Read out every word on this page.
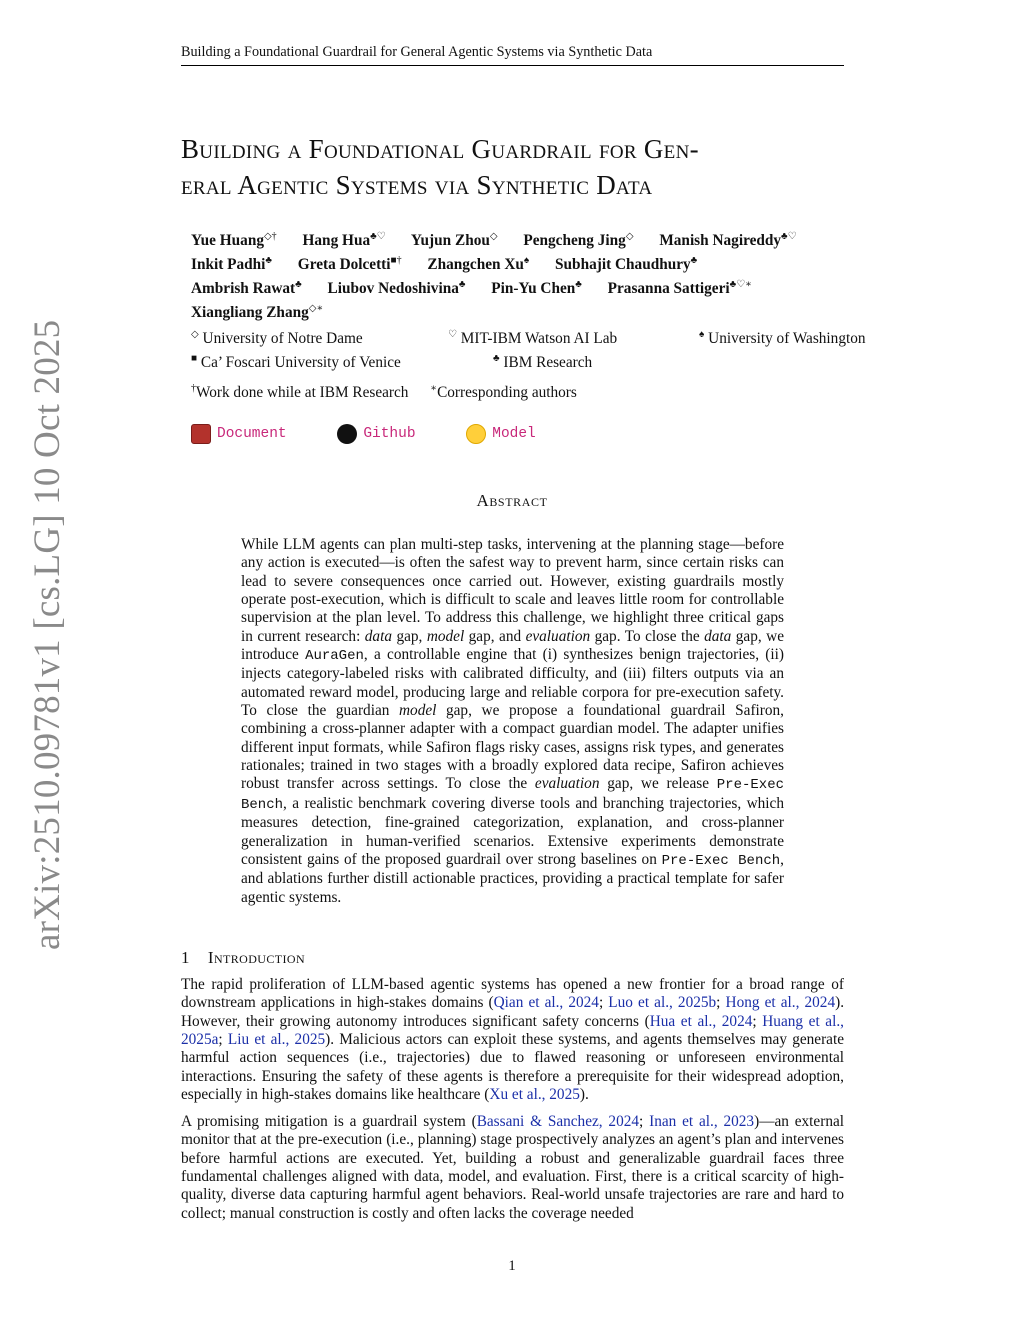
Building a Foundational Guardrail for General Agentic Systems via Synthetic Data
arXiv:2510.09781v1 [cs.LG] 10 Oct 2025
Building a Foundational Guardrail for Gen-
eral Agentic Systems via Synthetic Data
Yue Huang◇† Hang Hua♣♡ Yujun Zhou◇ Pengcheng Jing◇ Manish Nagireddy♣♡
Inkit Padhi♣ Greta Dolcetti■† Zhangchen Xu♠ Subhajit Chaudhury♣
Ambrish Rawat♣ Liubov Nedoshivina♣ Pin-Yu Chen♣ Prasanna Sattigeri♣♡∗
Xiangliang Zhang◇∗
◇ University of Notre Dame	♡ MIT-IBM Watson AI Lab	♠ University of Washington
■ Ca’ Foscari University of Venice	♣ IBM Research
†Work done while at IBM Research ∗Corresponding authors
Document
	Github
	Model
Abstract
While LLM agents can plan multi-step tasks, intervening at the planning stage—before any action is executed—is often the safest way to prevent harm, since certain risks can lead to severe consequences once carried out. However, existing guardrails mostly operate post-execution, which is difficult to scale and leaves little room for controllable supervision at the plan level. To address this challenge, we highlight three critical gaps in current research: data gap, model gap, and evaluation gap. To close the data gap, we introduce AuraGen, a controllable engine that (i) synthesizes benign trajectories, (ii) injects category-labeled risks with calibrated difficulty, and (iii) filters outputs via an automated reward model, producing large and reliable corpora for pre-execution safety. To close the guardian model gap, we propose a foundational guardrail Safiron, combining a cross-planner adapter with a compact guardian model. The adapter unifies different input formats, while Safiron flags risky cases, assigns risk types, and generates rationales; trained in two stages with a broadly explored data recipe, Safiron achieves robust transfer across settings. To close the evaluation gap, we release Pre-Exec Bench, a realistic benchmark covering diverse tools and branching trajectories, which measures detection, fine-grained categorization, explanation, and cross-planner generalization in human-verified scenarios. Extensive experiments demonstrate consistent gains of the proposed guardrail over strong baselines on Pre-Exec Bench, and ablations further distill actionable practices, providing a practical template for safer agentic systems.
1 Introduction
The rapid proliferation of LLM-based agentic systems has opened a new frontier for a broad range of downstream applications in high-stakes domains (Qian et al., 2024; Luo et al., 2025b; Hong et al., 2024). However, their growing autonomy introduces significant safety concerns (Hua et al., 2024; Huang et al., 2025a; Liu et al., 2025). Malicious actors can exploit these systems, and agents themselves may generate harmful action sequences (i.e., trajectories) due to flawed reasoning or unforeseen environmental interactions. Ensuring the safety of these agents is therefore a prerequisite for their widespread adoption, especially in high-stakes domains like healthcare (Xu et al., 2025).
A promising mitigation is a guardrail system (Bassani & Sanchez, 2024; Inan et al., 2023)—an external monitor that at the pre-execution (i.e., planning) stage prospectively analyzes an agent’s plan and intervenes before harmful actions are executed. Yet, building a robust and generalizable guardrail faces three fundamental challenges aligned with data, model, and evaluation. First, there is a critical scarcity of high-quality, diverse data capturing harmful agent behaviors. Real-world unsafe trajectories are rare and hard to collect; manual construction is costly and often lacks the coverage needed
1
